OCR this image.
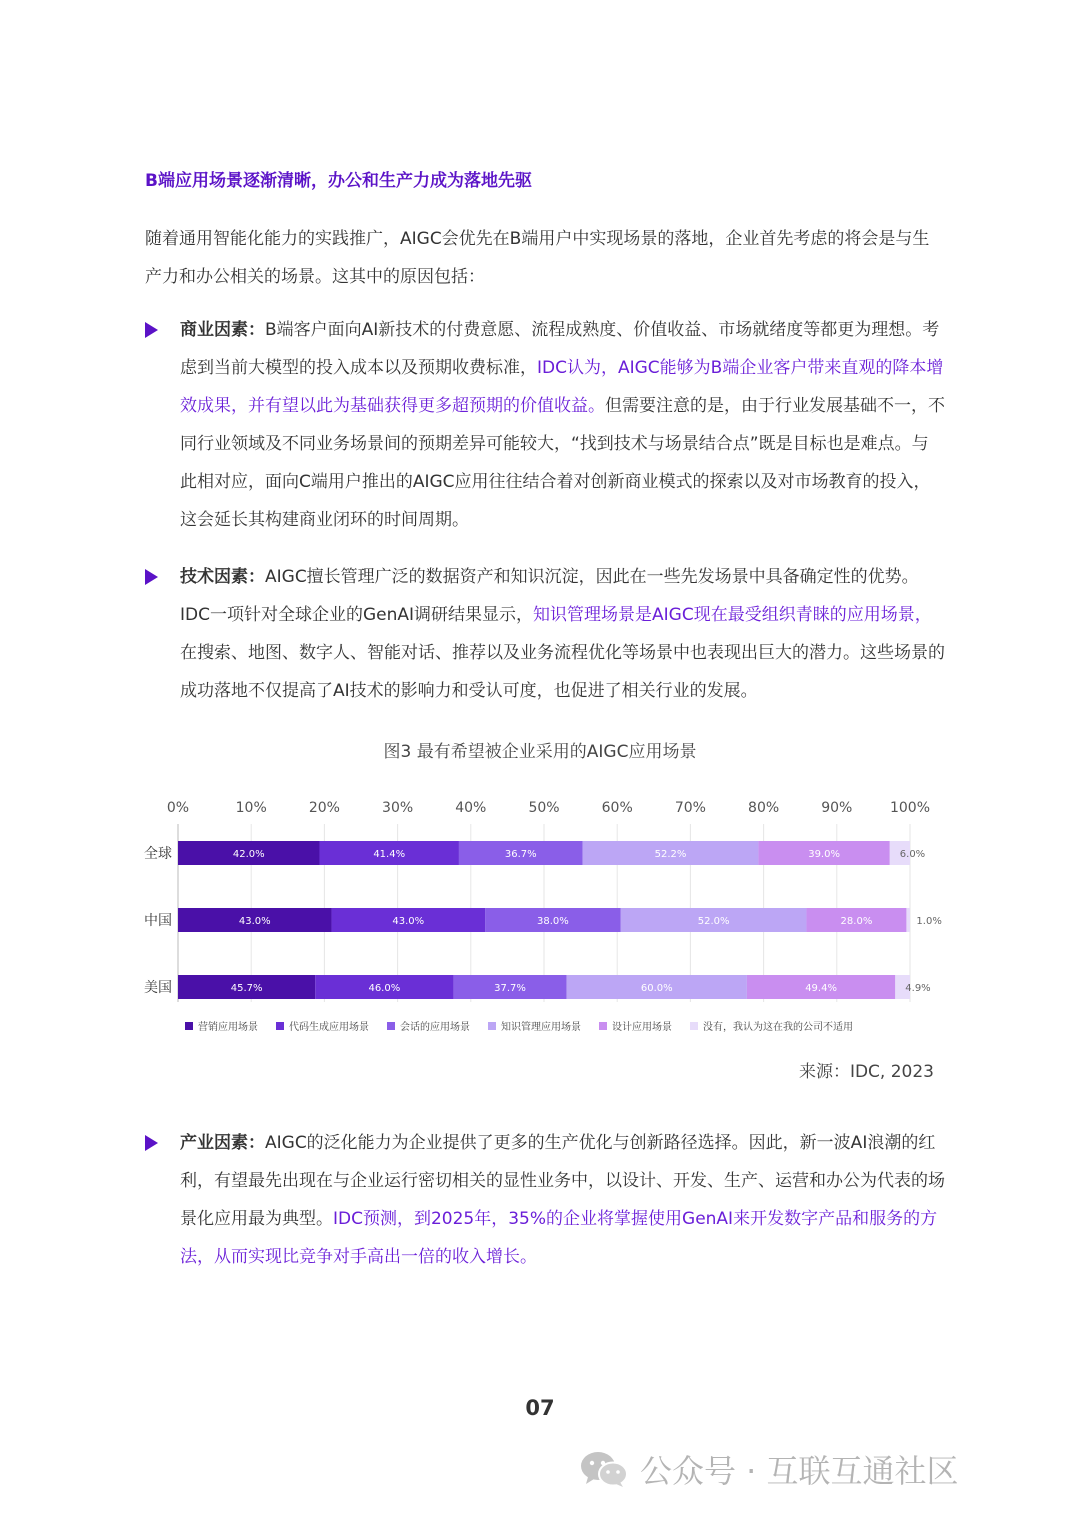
B端应用场景逐渐清晰，办公和生产力成为落地先驱
随着通用智能化能力的实践推广，AIGC会优先在B端用户中实现场景的落地，企业首先考虑的将会是与生产力和办公相关的场景。这其中的原因包括：
商业因素：B端客户面向AI新技术的付费意愿、流程成熟度、价值收益、市场就绪度等都更为理想。考虑到当前大模型的投入成本以及预期收费标准，IDC认为，AIGC能够为B端企业客户带来直观的降本增效成果，并有望以此为基础获得更多超预期的价值收益。但需要注意的是，由于行业发展基础不一，不同行业领域及不同业务场景间的预期差异可能较大，“找到技术与场景结合点”既是目标也是难点。与此相对应，面向C端用户推出的AIGC应用往往结合着对创新商业模式的探索以及对市场教育的投入，这会延长其构建商业闭环的时间周期。
技术因素：AIGC擅长管理广泛的数据资产和知识沉淀，因此在一些先发场景中具备确定性的优势。IDC一项针对全球企业的GenAI调研结果显示，知识管理场景是AIGC现在最受组织青睐的应用场景，在搜索、地图、数字人、智能对话、推荐以及业务流程优化等场景中也表现出巨大的潜力。这些场景的成功落地不仅提高了AI技术的影响力和受认可度，也促进了相关行业的发展。
图3 最有希望被企业采用的AIGC应用场景
0%	10%	20%	30%	40%	50%	60%	70%	80%	90%	100%
全球	42.0%	41.4%	36.7%	52.2%	39.0%	6.0%
中国	43.0%	43.0%	38.0%	52.0%	28.0%	1.0%
美国	45.7%	46.0%	37.7%	60.0%	49.4%	4.9%
营销应用场景	代码生成应用场景	会话的应用场景	知识管理应用场景	设计应用场景	没有，我认为这在我的公司不适用
来源：IDC, 2023
产业因素：AIGC的泛化能力为企业提供了更多的生产优化与创新路径选择。因此，新一波AI浪潮的红利，有望最先出现在与企业运行密切相关的显性业务中，以设计、开发、生产、运营和办公为代表的场景化应用最为典型。IDC预测，到2025年，35%的企业将掌握使用GenAI来开发数字产品和服务的方法，从而实现比竞争对手高出一倍的收入增长。
07
公众号 · 互联互通社区
